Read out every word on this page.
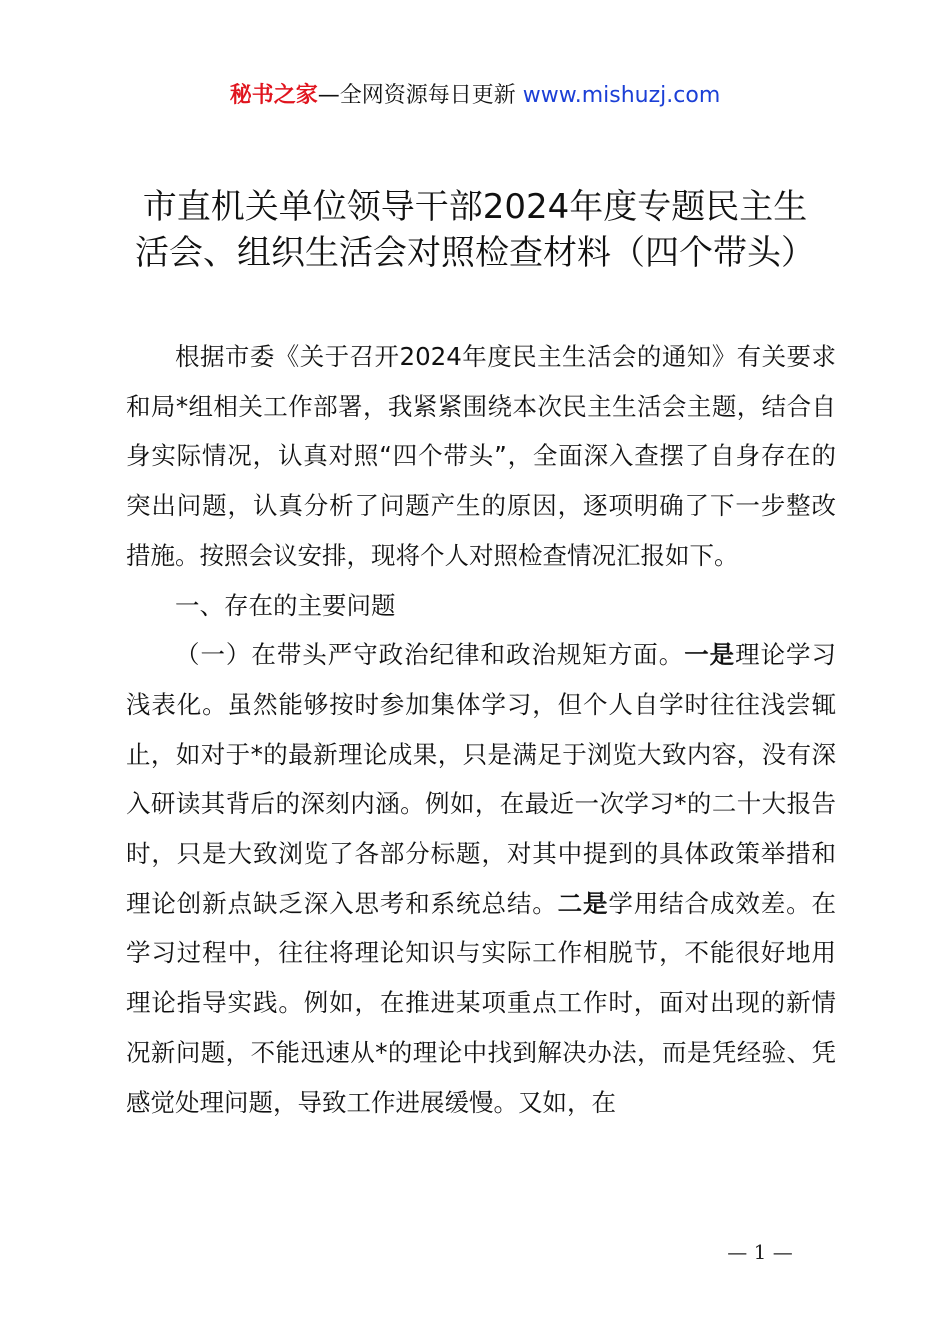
秘书之家—全网资源每日更新 www.mishuzj.com
市直机关单位领导干部2024年度专题民主生
活会、组织生活会对照检查材料（四个带头）

根据市委《关于召开2024年度民主生活会的通知》有关要求和局*组相关工作部署，我紧紧围绕本次民主生活会主题，结合自身实际情况，认真对照“四个带头”，全面深入查摆了自身存在的突出问题，认真分析了问题产生的原因，逐项明确了下一步整改措施。按照会议安排，现将个人对照检查情况汇报如下。

一、存在的主要问题

（一）在带头严守政治纪律和政治规矩方面。一是理论学习浅表化。虽然能够按时参加集体学习，但个人自学时往往浅尝辄止，如对于*的最新理论成果，只是满足于浏览大致内容，没有深入研读其背后的深刻内涵。例如，在最近一次学习*的二十大报告时，只是大致浏览了各部分标题，对其中提到的具体政策举措和理论创新点缺乏深入思考和系统总结。二是学用结合成效差。在学习过程中，往往将理论知识与实际工作相脱节，不能很好地用理论指导实践。例如，在推进某项重点工作时，面对出现的新情况新问题，不能迅速从*的理论中找到解决办法，而是凭经验、凭感觉处理问题，导致工作进展缓慢。又如，在

— 1 —
